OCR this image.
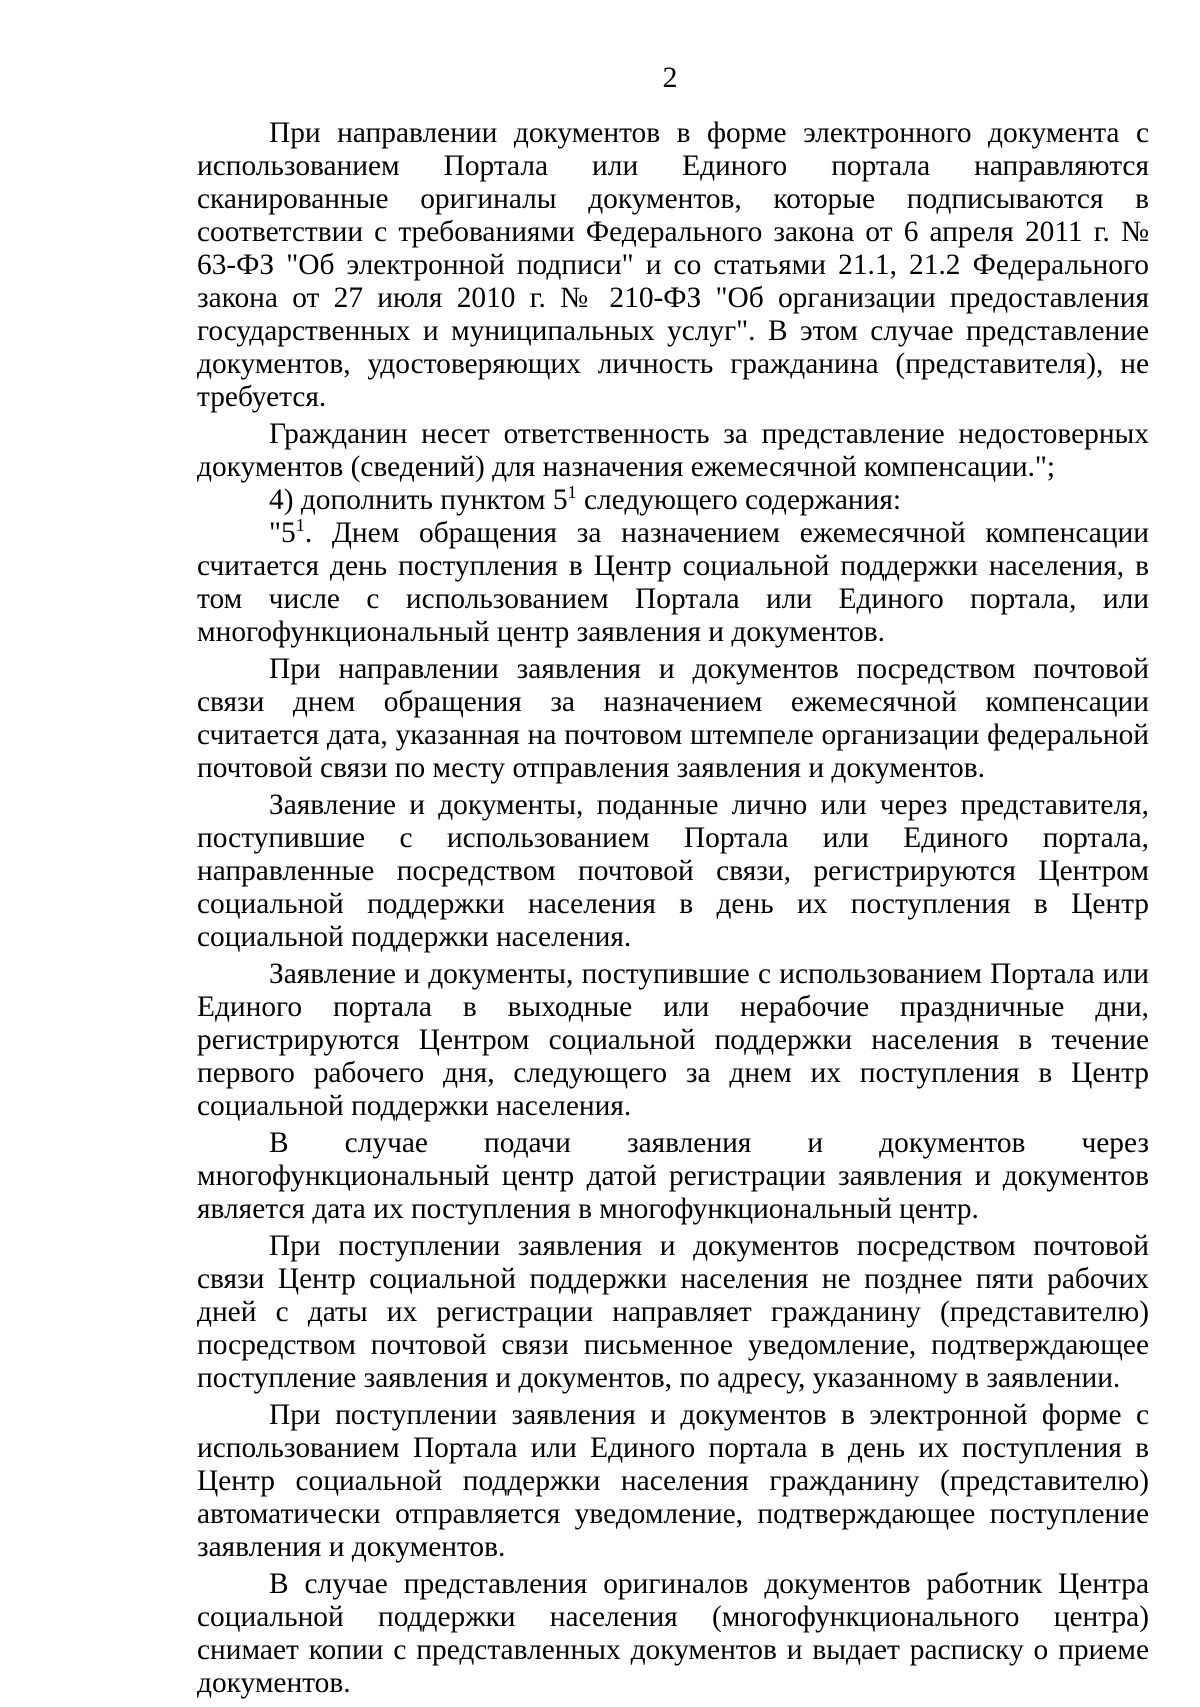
2

При направлении документов в форме электронного документа с использованием Портала или Единого портала направляются сканированные оригиналы документов, которые подписываются в соответствии с требованиями Федерального закона от 6 апреля 2011 г. № 63-ФЗ "Об электронной подписи" и со статьями 21.1, 21.2 Федерального закона от 27 июля 2010 г. № 210-ФЗ "Об организации предоставления государственных и муниципальных услуг". В этом случае представление документов, удостоверяющих личность гражданина (представителя), не требуется.

Гражданин несет ответственность за представление недостоверных документов (сведений) для назначения ежемесячной компенсации.";

4) дополнить пунктом $5^1$ следующего содержания:

"$5^1$. Днем обращения за назначением ежемесячной компенсации считается день поступления в Центр социальной поддержки населения, в том числе с использованием Портала или Единого портала, или многофункциональный центр заявления и документов.

При направлении заявления и документов посредством почтовой связи днем обращения за назначением ежемесячной компенсации считается дата, указанная на почтовом штемпеле организации федеральной почтовой связи по месту отправления заявления и документов.

Заявление и документы, поданные лично или через представителя, поступившие с использованием Портала или Единого портала, направленные посредством почтовой связи, регистрируются Центром социальной поддержки населения в день их поступления в Центр социальной поддержки населения.

Заявление и документы, поступившие с использованием Портала или Единого портала в выходные или нерабочие праздничные дни, регистрируются Центром социальной поддержки населения в течение первого рабочего дня, следующего за днем их поступления в Центр социальной поддержки населения.

В случае подачи заявления и документов через многофункциональный центр датой регистрации заявления и документов является дата их поступления в многофункциональный центр.

При поступлении заявления и документов посредством почтовой связи Центр социальной поддержки населения не позднее пяти рабочих дней с даты их регистрации направляет гражданину (представителю) посредством почтовой связи письменное уведомление, подтверждающее поступление заявления и документов, по адресу, указанному в заявлении.

При поступлении заявления и документов в электронной форме с использованием Портала или Единого портала в день их поступления в Центр социальной поддержки населения гражданину (представителю) автоматически отправляется уведомление, подтверждающее поступление заявления и документов.

В случае представления оригиналов документов работник Центра социальной поддержки населения (многофункционального центра) снимает копии с представленных документов и выдает расписку о приеме документов.
